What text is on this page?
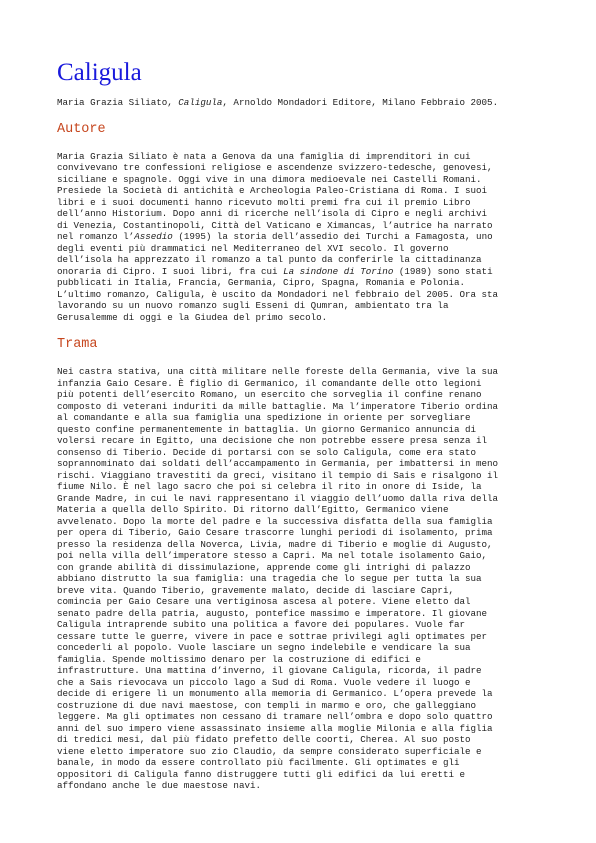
Caligula

Maria Grazia Siliato, Caligula, Arnoldo Mondadori Editore, Milano Febbraio 2005.

Autore
Maria Grazia Siliato è nata a Genova da una famiglia di imprenditori in cui
convivevano tre confessioni religiose e ascendenze svizzero-tedesche, genovesi,
siciliane e spagnole. Oggi vive in una dimora medioevale nei Castelli Romani.
Presiede la Società di antichità e Archeologia Paleo-Cristiana di Roma. I suoi
libri e i suoi documenti hanno ricevuto molti premi fra cui il premio Libro
dell’anno Historium. Dopo anni di ricerche nell’isola di Cipro e negli archivi
di Venezia, Costantinopoli, Città del Vaticano e Ximancas, l’autrice ha narrato
nel romanzo l’Assedio (1995) la storia dell’assedio dei Turchi a Famagosta, uno
degli eventi più drammatici nel Mediterraneo del XVI secolo. Il governo
dell’isola ha apprezzato il romanzo a tal punto da conferirle la cittadinanza
onoraria di Cipro. I suoi libri, fra cui La sindone di Torino (1989) sono stati
pubblicati in Italia, Francia, Germania, Cipro, Spagna, Romania e Polonia.
L’ultimo romanzo, Caligula, è uscito da Mondadori nel febbraio del 2005. Ora sta
lavorando su un nuovo romanzo sugli Esseni di Qumran, ambientato tra la
Gerusalemme di oggi e la Giudea del primo secolo.
Trama
Nei castra stativa, una città militare nelle foreste della Germania, vive la sua
infanzia Gaio Cesare. È figlio di Germanico, il comandante delle otto legioni
più potenti dell’esercito Romano, un esercito che sorveglia il confine renano
composto di veterani induriti da mille battaglie. Ma l’imperatore Tiberio ordina
al comandante e alla sua famiglia una spedizione in oriente per sorvegliare
questo confine permanentemente in battaglia. Un giorno Germanico annuncia di
volersi recare in Egitto, una decisione che non potrebbe essere presa senza il
consenso di Tiberio. Decide di portarsi con se solo Caligula, come era stato
soprannominato dai soldati dell’accampamento in Germania, per imbattersi in meno
rischi. Viaggiano travestiti da greci, visitano il tempio di Sais e risalgono il
fiume Nilo. È nel lago sacro che poi si celebra il rito in onore di Iside, la
Grande Madre, in cui le navi rappresentano il viaggio dell’uomo dalla riva della
Materia a quella dello Spirito. Di ritorno dall’Egitto, Germanico viene
avvelenato. Dopo la morte del padre e la successiva disfatta della sua famiglia
per opera di Tiberio, Gaio Cesare trascorre lunghi periodi di isolamento, prima
presso la residenza della Noverca, Livia, madre di Tiberio e moglie di Augusto,
poi nella villa dell’imperatore stesso a Capri. Ma nel totale isolamento Gaio,
con grande abilità di dissimulazione, apprende come gli intrighi di palazzo
abbiano distrutto la sua famiglia: una tragedia che lo segue per tutta la sua
breve vita. Quando Tiberio, gravemente malato, decide di lasciare Capri,
comincia per Gaio Cesare una vertiginosa ascesa al potere. Viene eletto dal
senato padre della patria, augusto, pontefice massimo e imperatore. Il giovane
Caligula intraprende subito una politica a favore dei populares. Vuole far
cessare tutte le guerre, vivere in pace e sottrae privilegi agli optimates per
concederli al popolo. Vuole lasciare un segno indelebile e vendicare la sua
famiglia. Spende moltissimo denaro per la costruzione di edifici e
infrastrutture. Una mattina d’inverno, il giovane Caligula, ricorda, il padre
che a Sais rievocava un piccolo lago a Sud di Roma. Vuole vedere il luogo e
decide di erigere lì un monumento alla memoria di Germanico. L’opera prevede la
costruzione di due navi maestose, con templi in marmo e oro, che galleggiano
leggere. Ma gli optimates non cessano di tramare nell’ombra e dopo solo quattro
anni del suo impero viene assassinato insieme alla moglie Milonia e alla figlia
di tredici mesi, dal più fidato prefetto delle coorti, Cherea. Al suo posto
viene eletto imperatore suo zio Claudio, da sempre considerato superficiale e
banale, in modo da essere controllato più facilmente. Gli optimates e gli
oppositori di Caligula fanno distruggere tutti gli edifici da lui eretti e
affondano anche le due maestose navi.
